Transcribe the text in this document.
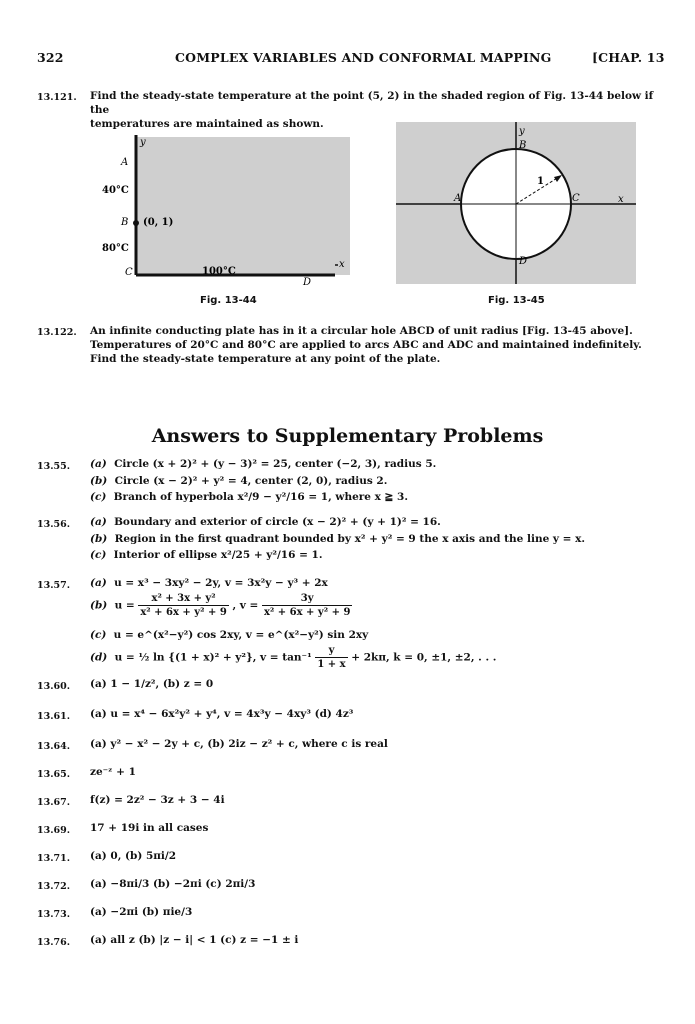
322	COMPLEX VARIABLES AND CONFORMAL MAPPING	[CHAP. 13
13.121. Find the steady-state temperature at the point (5, 2) in the shaded region of Fig. 13-44 below if the
temperatures are maintained as shown.
y
x
A
40°C
B (0, 1)
80°C
C	100°C
D
Fig. 13-44
y
x
B
A	C
D
1
Fig. 13-45
13.122. An infinite conducting plate has in it a circular hole ABCD of unit radius [Fig. 13-45 above].
Temperatures of 20°C and 80°C are applied to arcs ABC and ADC and maintained indefinitely.
Find the steady-state temperature at any point of the plate.
Answers to Supplementary Problems
13.55. (a) Circle (x + 2)² + (y − 3)² = 25, center (−2, 3), radius 5.
(b) Circle (x − 2)² + y² = 4, center (2, 0), radius 2.
(c) Branch of hyperbola x²/9 − y²/16 = 1, where x ≧ 3.
13.56. (a) Boundary and exterior of circle (x − 2)² + (y + 1)² = 16.
(b) Region in the first quadrant bounded by x² + y² = 9 the x axis and the line y = x.
(c) Interior of ellipse x²/25 + y²/16 = 1.
13.57. (a) u = x³ − 3xy² − 2y, v = 3x²y − y³ + 2x
(b) $u = \frac{\text{x² + 3x + y²}}{\text{x² + 6x + y² + 9}}$ , $v = \frac{3y}{\text{x² + 6x + y² + 9}}$
(c) u = e^(x²−y²) cos 2xy, v = e^(x²−y²) sin 2xy
(d) u = ½ ln {(1 + x)² + y²}, $v = \tan^{-1} \frac{y}{1 + x} + 2k\pi$, k = 0, ±1, ±2, . . .
13.60. (a) 1 − 1/z², (b) z = 0
13.61. (a) u = x⁴ − 6x²y² + y⁴, v = 4x³y − 4xy³ (d) 4z³
13.64. (a) y² − x² − 2y + c, (b) 2iz − z² + c, where c is real
13.65. ze⁻ᶻ + 1
13.67. f(z) = 2z² − 3z + 3 − 4i
13.69. 17 + 19i in all cases
13.71. (a) 0, (b) 5πi/2
13.72. (a) −8πi/3 (b) −2πi (c) 2πi/3
13.73. (a) −2πi (b) πie/3
13.76. (a) all z (b) |z − i| < 1 (c) z = −1 ± i
